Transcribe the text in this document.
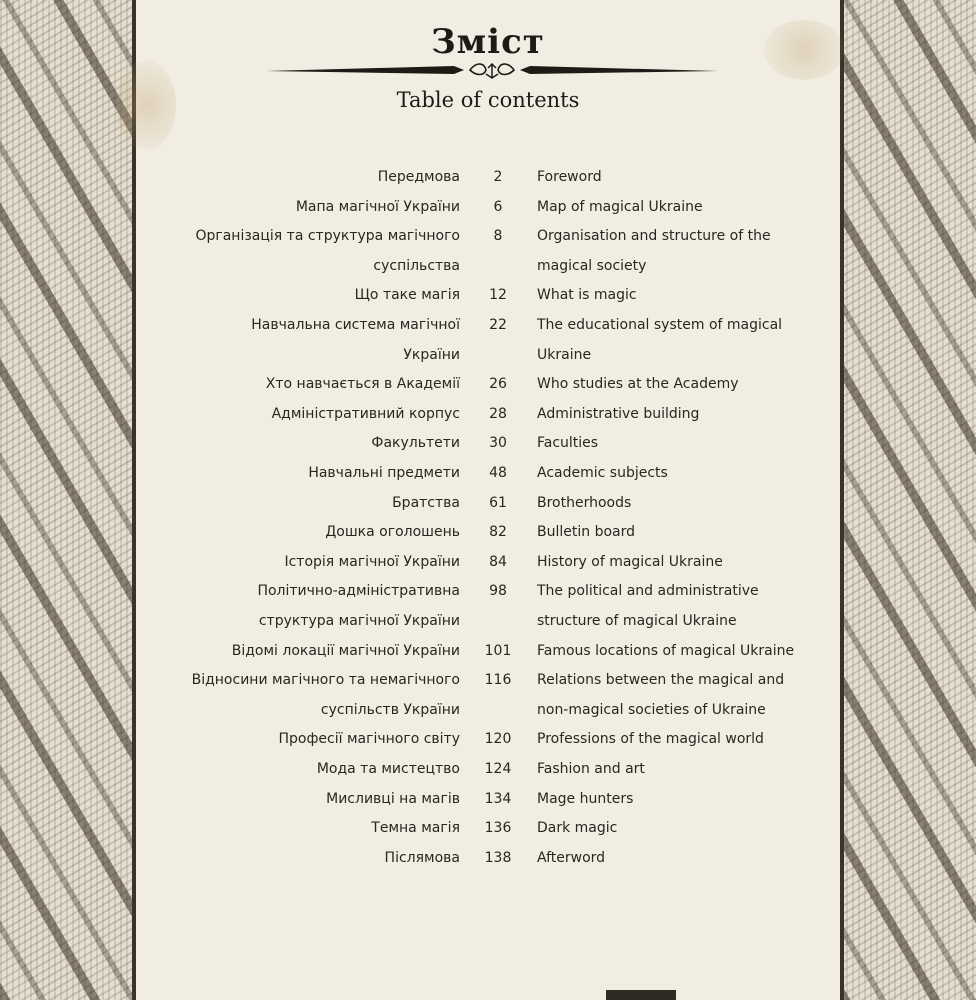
Зміст
Table of contents
Передмова	2	Foreword
Мапа магічної України	6	Map of magical Ukraine
Організація та структура магічного	8	Organisation and structure of the
суспільства	magical society
Що таке магія	12	What is magic
Навчальна система магічної	22	The educational system of magical
України	Ukraine
Хто навчається в Академії	26	Who studies at the Academy
Адміністративний корпус	28	Administrative building
Факультети	30	Faculties
Навчальні предмети	48	Academic subjects
Братства	61	Brotherhoods
Дошка оголошень	82	Bulletin board
Історія магічної України	84	History of magical Ukraine
Політично-адміністративна	98	The political and administrative
структура магічної України	structure of magical Ukraine
Відомі локації магічної України	101	Famous locations of magical Ukraine
Відносини магічного та немагічного	116	Relations between the magical and
суспільств України	non-magical societies of Ukraine
Професії магічного світу	120	Professions of the magical world
Мода та мистецтво	124	Fashion and art
Мисливці на магів	134	Mage hunters
Темна магія	136	Dark magic
Післямова	138	Afterword
